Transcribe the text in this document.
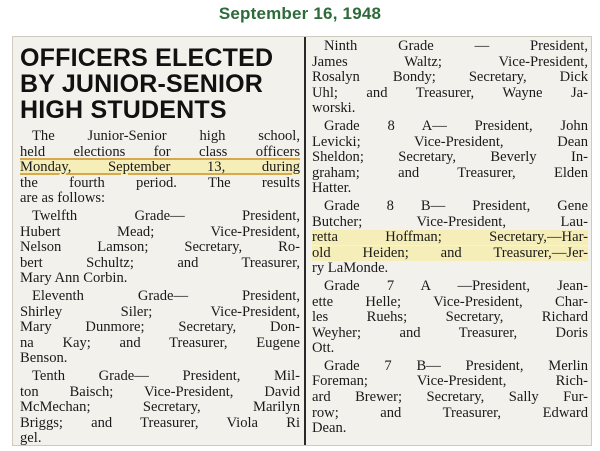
September 16, 1948
OFFICERS ELECTED
BY JUNIOR-SENIOR
HIGH STUDENTS
The Junior-Senior high school,
held elections for class officers
Monday, September 13, during
the fourth period. The results
are as follows:
Twelfth Grade— President,
Hubert Mead; Vice-President,
Nelson Lamson; Secretary, Ro-
bert Schultz; and Treasurer,
Mary Ann Corbin.
Eleventh Grade— President,
Shirley Siler; Vice-President,
Mary Dunmore; Secretary, Don-
na Kay; and Treasurer, Eugene
Benson.
Tenth Grade— President, Mil-
ton Baisch; Vice-President, David
McMechan; Secretary, Marilyn
Briggs; and Treasurer, Viola Ri
gel.
Ninth Grade — President,
James Waltz; Vice-President,
Rosalyn Bondy; Secretary, Dick
Uhl; and Treasurer, Wayne Ja-
worski.
Grade 8 A— President, John
Levicki; Vice-President, Dean
Sheldon; Secretary, Beverly In-
graham; and Treasurer, Elden
Hatter.
Grade 8 B— President, Gene
Butcher; Vice-President, Lau-
retta Hoffman; Secretary,—Har-
old Heiden; and Treasurer,—Jer-
ry LaMonde.
Grade 7 A —President, Jean-
ette Helle; Vice-President, Char-
les Ruehs; Secretary, Richard
Weyher; and Treasurer, Doris
Ott.
Grade 7 B— President, Merlin
Foreman; Vice-President, Rich-
ard Brewer; Secretary, Sally Fur-
row; and Treasurer, Edward
Dean.
